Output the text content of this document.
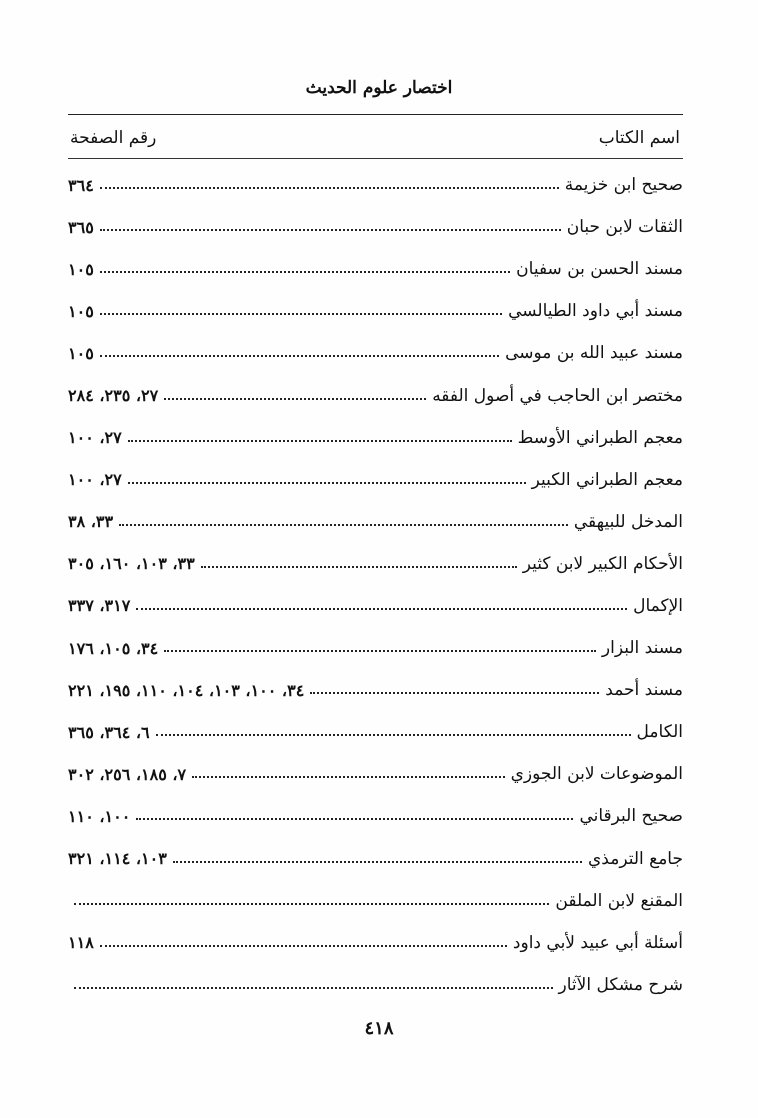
اختصار علوم الحديث
اسم الكتاب
رقم الصفحة
صحيح ابن خزيمة
٣٦٤
الثقات لابن حبان
٣٦٥
مسند الحسن بن سفيان
١٠٥
مسند أبي داود الطيالسي
١٠٥
مسند عبيد الله بن موسى
١٠٥
مختصر ابن الحاجب في أصول الفقه
٢٧، ٢٣٥، ٢٨٤
معجم الطبراني الأوسط
٢٧، ١٠٠
معجم الطبراني الكبير
٢٧، ١٠٠
المدخل للبيهقي
٣٣، ٣٨
الأحكام الكبير لابن كثير
٣٣، ١٠٣، ١٦٠، ٣٠٥
الإكمال
٣١٧، ٣٣٧
مسند البزار
٣٤، ١٠٥، ١٧٦
مسند أحمد
٣٤، ١٠٠، ١٠٣، ١٠٤، ١١٠، ١٩٥، ٢٢١
الكامل
٦، ٣٦٤، ٣٦٥
الموضوعات لابن الجوزي
٧، ١٨٥، ٢٥٦، ٣٠٢
صحيح البرقاني
١٠٠، ١١٠
جامع الترمذي
١٠٣، ١١٤، ٣٢١
المقنع لابن الملقن
أسئلة أبي عبيد لأبي داود
١١٨
شرح مشكل الآثار
٤١٨
